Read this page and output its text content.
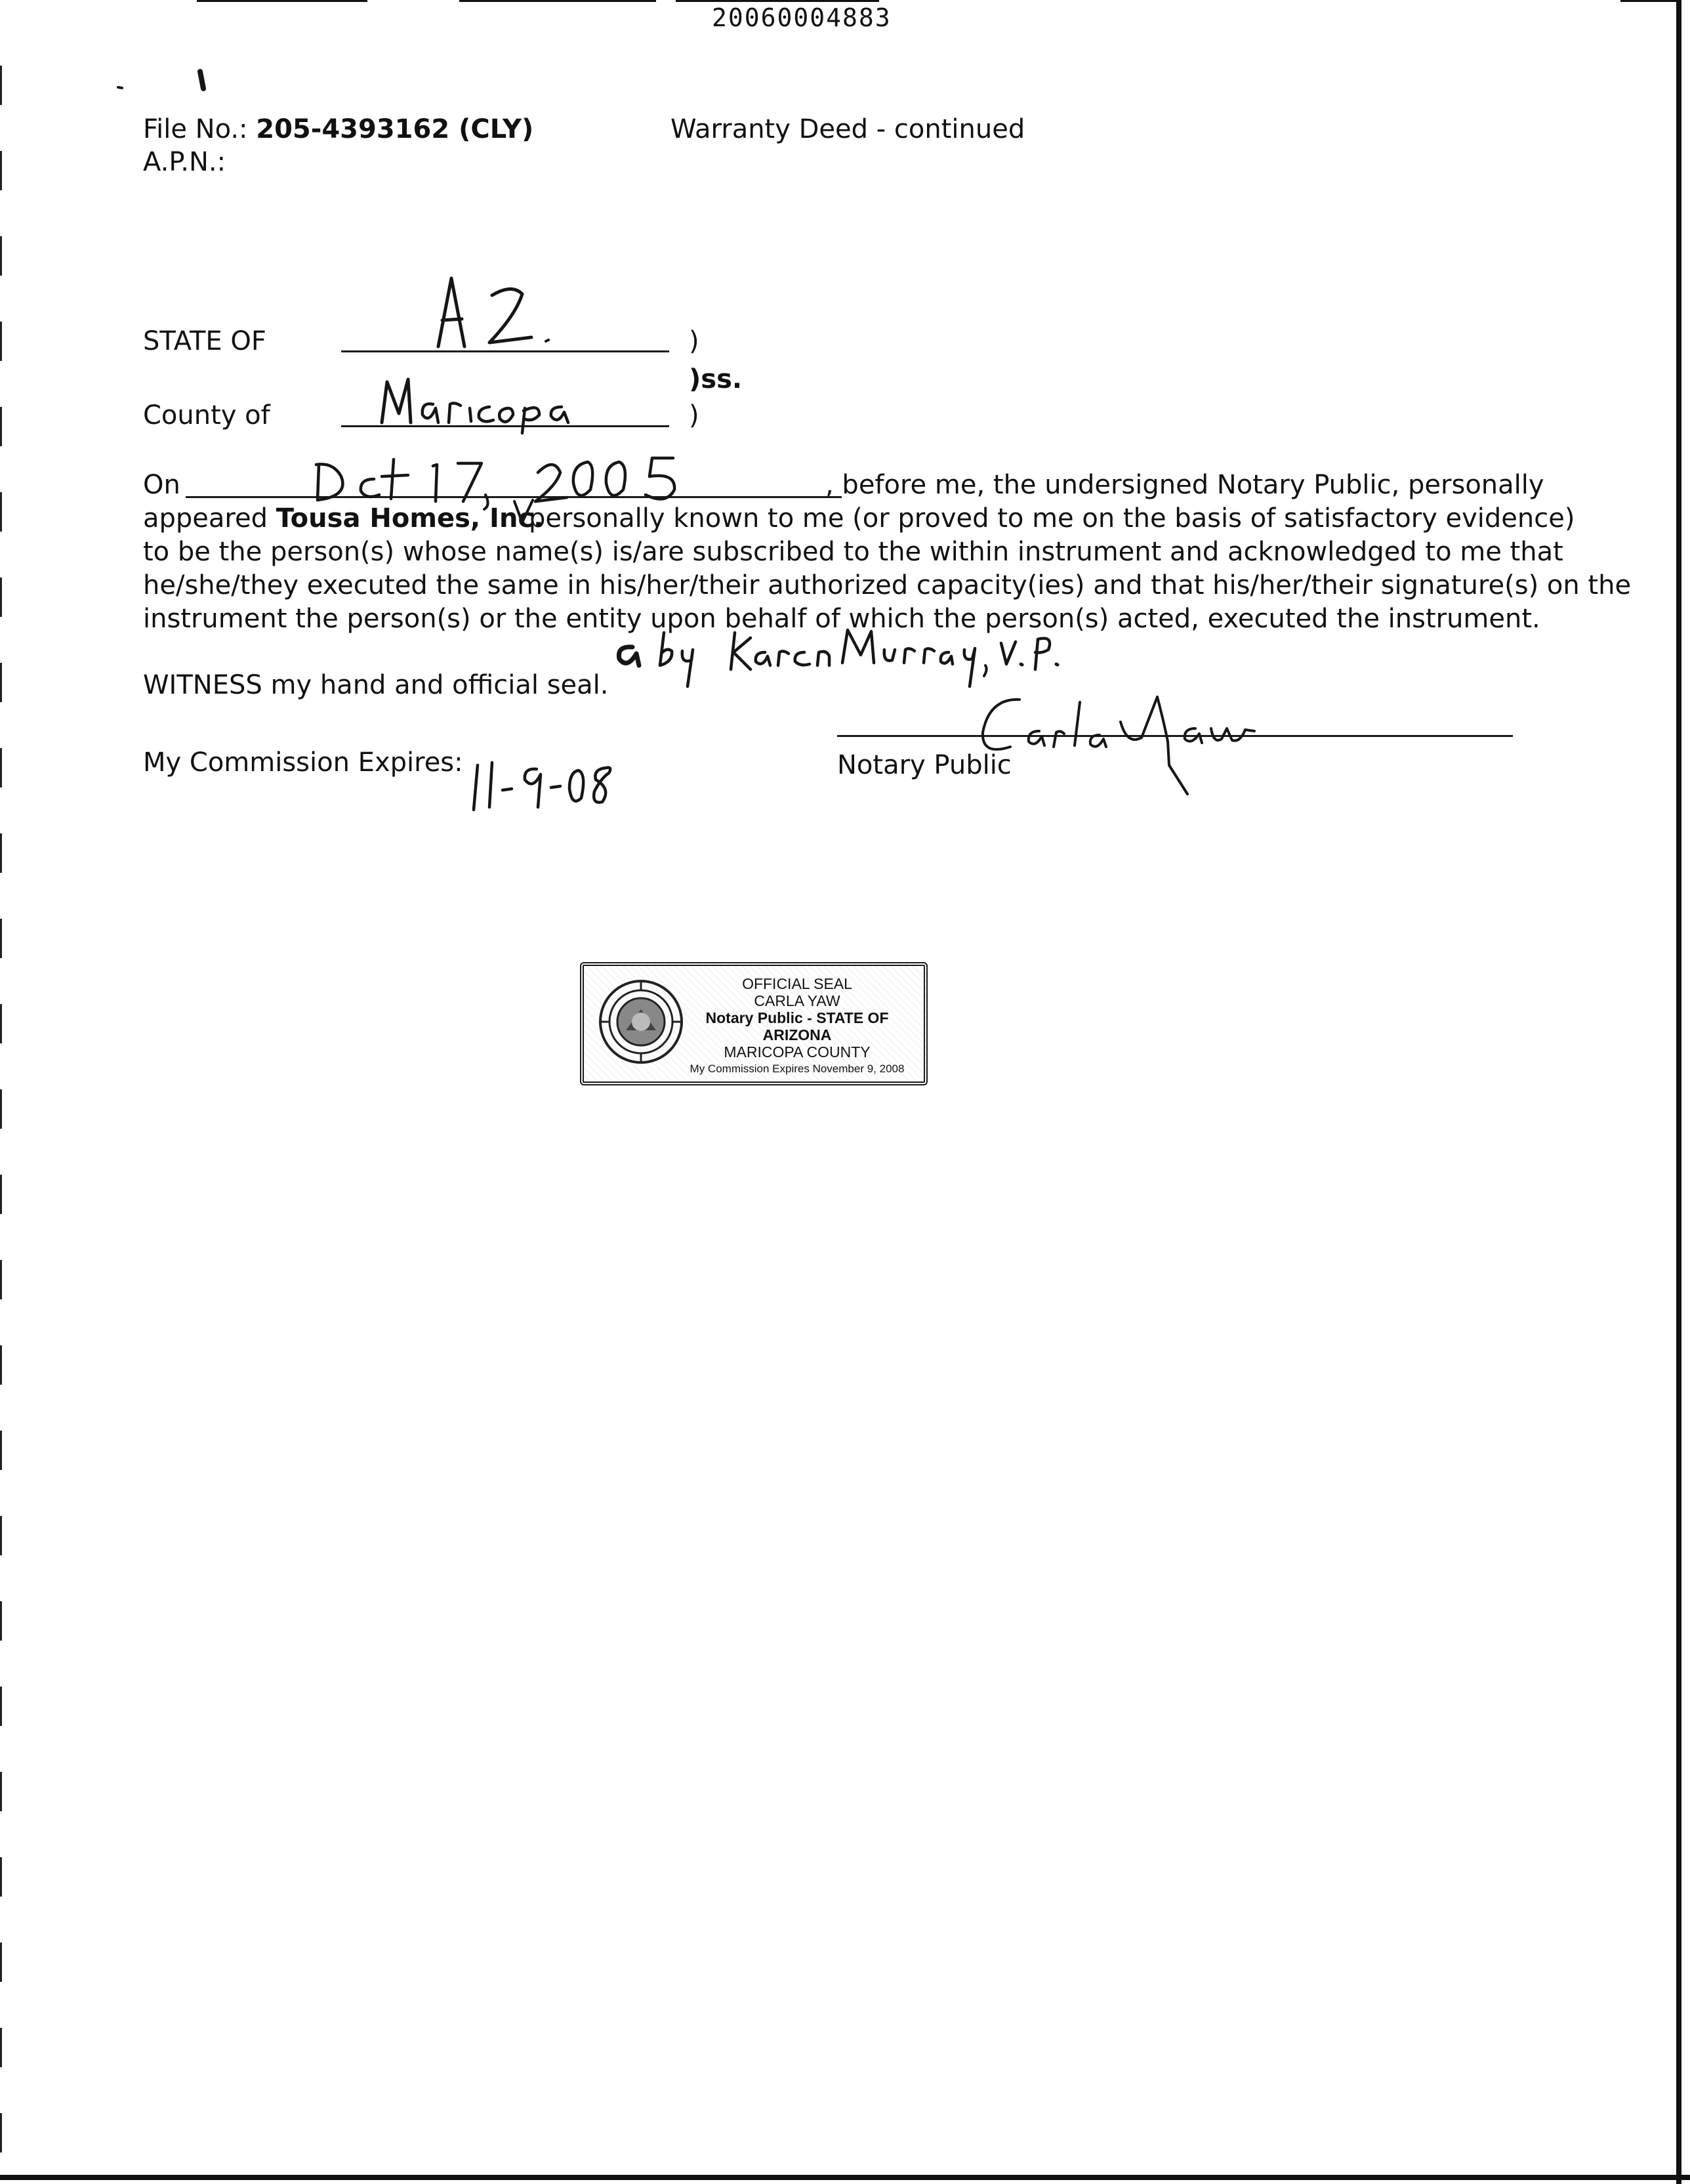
20060004883
File No.: 205-4393162 (CLY)
A.P.N.:
Warranty Deed - continued
STATE OF	)
)ss.
County of	)
On	, before me, the undersigned Notary Public, personally
appeared Tousa Homes, Inc.
personally known to me (or proved to me on the basis of satisfactory evidence)
to be the person(s) whose name(s) is/are subscribed to the within instrument and acknowledged to me that
he/she/they executed the same in his/her/their authorized capacity(ies) and that his/her/their signature(s) on the
instrument the person(s) or the entity upon behalf of which the person(s) acted, executed the instrument.
WITNESS my hand and official seal.
Notary Public
My Commission Expires:
OFFICIAL SEAL
CARLA YAW
Notary Public - STATE OF ARIZONA
MARICOPA COUNTY
My Commission Expires November 9, 2008
